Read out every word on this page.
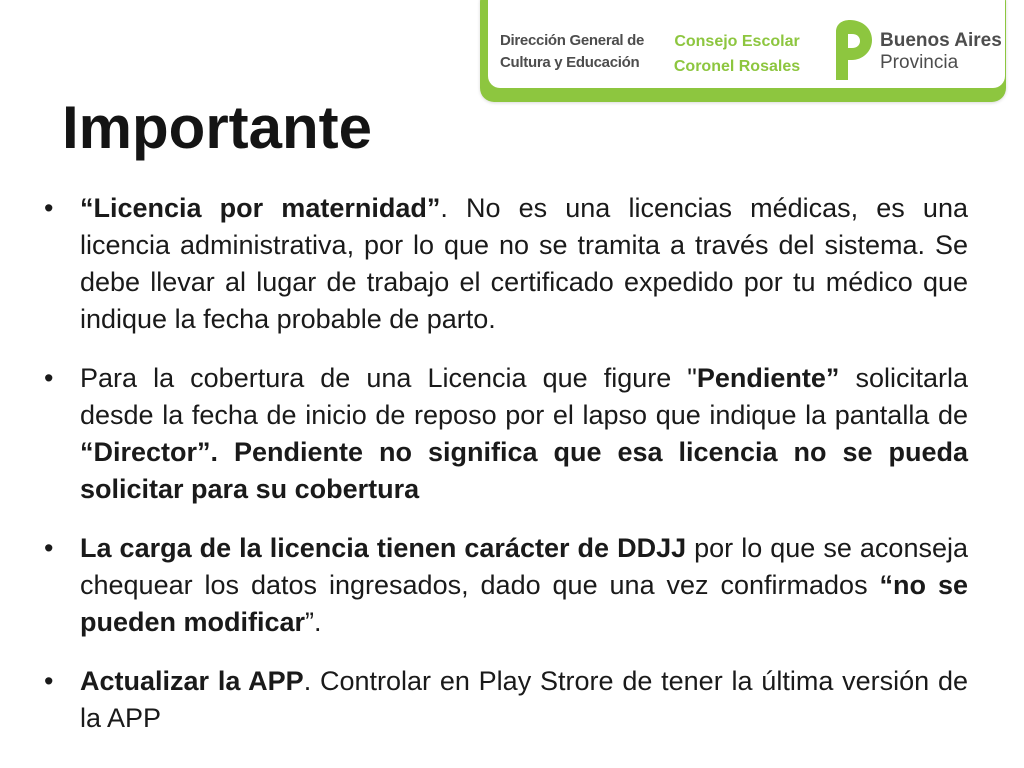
Dirección General de
Cultura y Educación
Consejo Escolar
Coronel Rosales
Buenos Aires
Provincia
Importante
• “Licencia por maternidad”. No es una licencias médicas, es una licencia administrativa, por lo que no se tramita a través del sistema. Se debe llevar al lugar de trabajo el certificado expedido por tu médico que indique la fecha probable de parto.
• Para la cobertura de una Licencia que figure "Pendiente” solicitarla desde la fecha de inicio de reposo por el lapso que indique la pantalla de “Director”. Pendiente no significa que esa licencia no se pueda solicitar para su cobertura
• La carga de la licencia tienen carácter de DDJJ por lo que se aconseja chequear los datos ingresados, dado que una vez confirmados “no se pueden modificar”.
• Actualizar la APP. Controlar en Play Strore de tener la última versión de la APP
